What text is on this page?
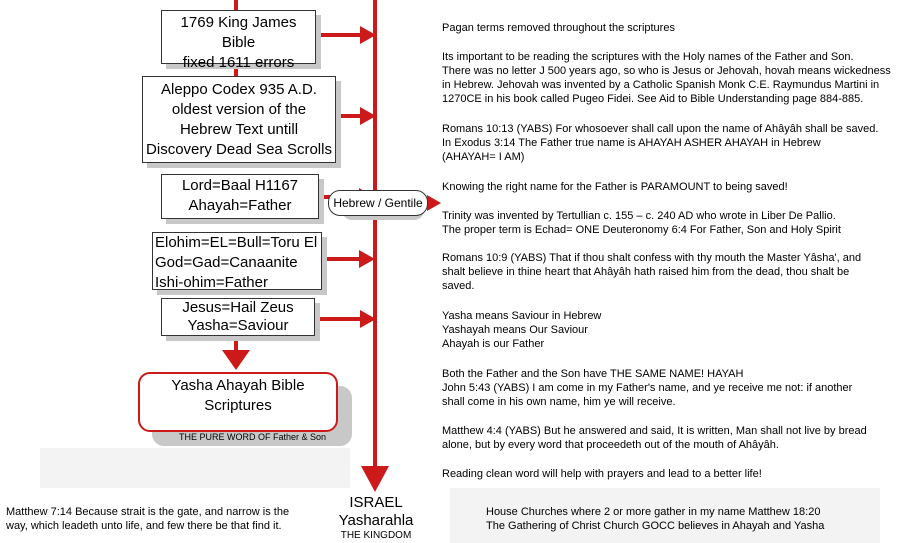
1769 King James Bible
fixed 1611 errors
Aleppo Codex 935 A.D.
oldest version of the
Hebrew Text untill
Discovery Dead Sea Scrolls
Lord=Baal H1167
Ahayah=Father
Elohim=EL=Bull=Toru El
God=Gad=Canaanite
Ishi-ohim=Father
Jesus=Hail Zeus
Yasha=Saviour
Yasha Ahayah Bible
Scriptures
THE PURE WORD OF Father & Son
Hebrew / Gentile
ISRAEL
Yasharahla
THE KINGDOM
Matthew 7:14 Because strait is the gate, and narrow is the
way, which leadeth unto life, and few there be that find it.
Pagan terms removed throughout the scriptures
Its important to be reading the scriptures with the Holy names of the Father and Son.
There was no letter J 500 years ago, so who is Jesus or Jehovah, hovah means wickedness
in Hebrew. Jehovah was invented by a Catholic Spanish Monk C.E. Raymundus Martini in
1270CE in his book called Pugeo Fidei. See Aid to Bible Understanding page 884-885.
Romans 10:13 (YABS) For whosoever shall call upon the name of Ahâyâh shall be saved.
In Exodus 3:14 The Father true name is AHAYAH ASHER AHAYAH in Hebrew
(AHAYAH= I AM)
Knowing the right name for the Father is PARAMOUNT to being saved!
Trinity was invented by Tertullian c. 155 – c. 240 AD who wrote in Liber De Pallio.
The proper term is Echad= ONE Deuteronomy 6:4 For Father, Son and Holy Spirit
Romans 10:9 (YABS) That if thou shalt confess with thy mouth the Master Yâsha', and
shalt believe in thine heart that Ahâyâh hath raised him from the dead, thou shalt be
saved.
Yasha means Saviour in Hebrew
Yashayah means Our Saviour
Ahayah is our Father
Both the Father and the Son have THE SAME NAME! HAYAH
John 5:43 (YABS) I am come in my Father's name, and ye receive me not: if another
shall come in his own name, him ye will receive.
Matthew 4:4 (YABS) But he answered and said, It is written, Man shall not live by bread
alone, but by every word that proceedeth out of the mouth of Ahâyâh.
Reading clean word will help with prayers and lead to a better life!
House Churches where 2 or more gather in my name Matthew 18:20
The Gathering of Christ Church GOCC believes in Ahayah and Yasha
